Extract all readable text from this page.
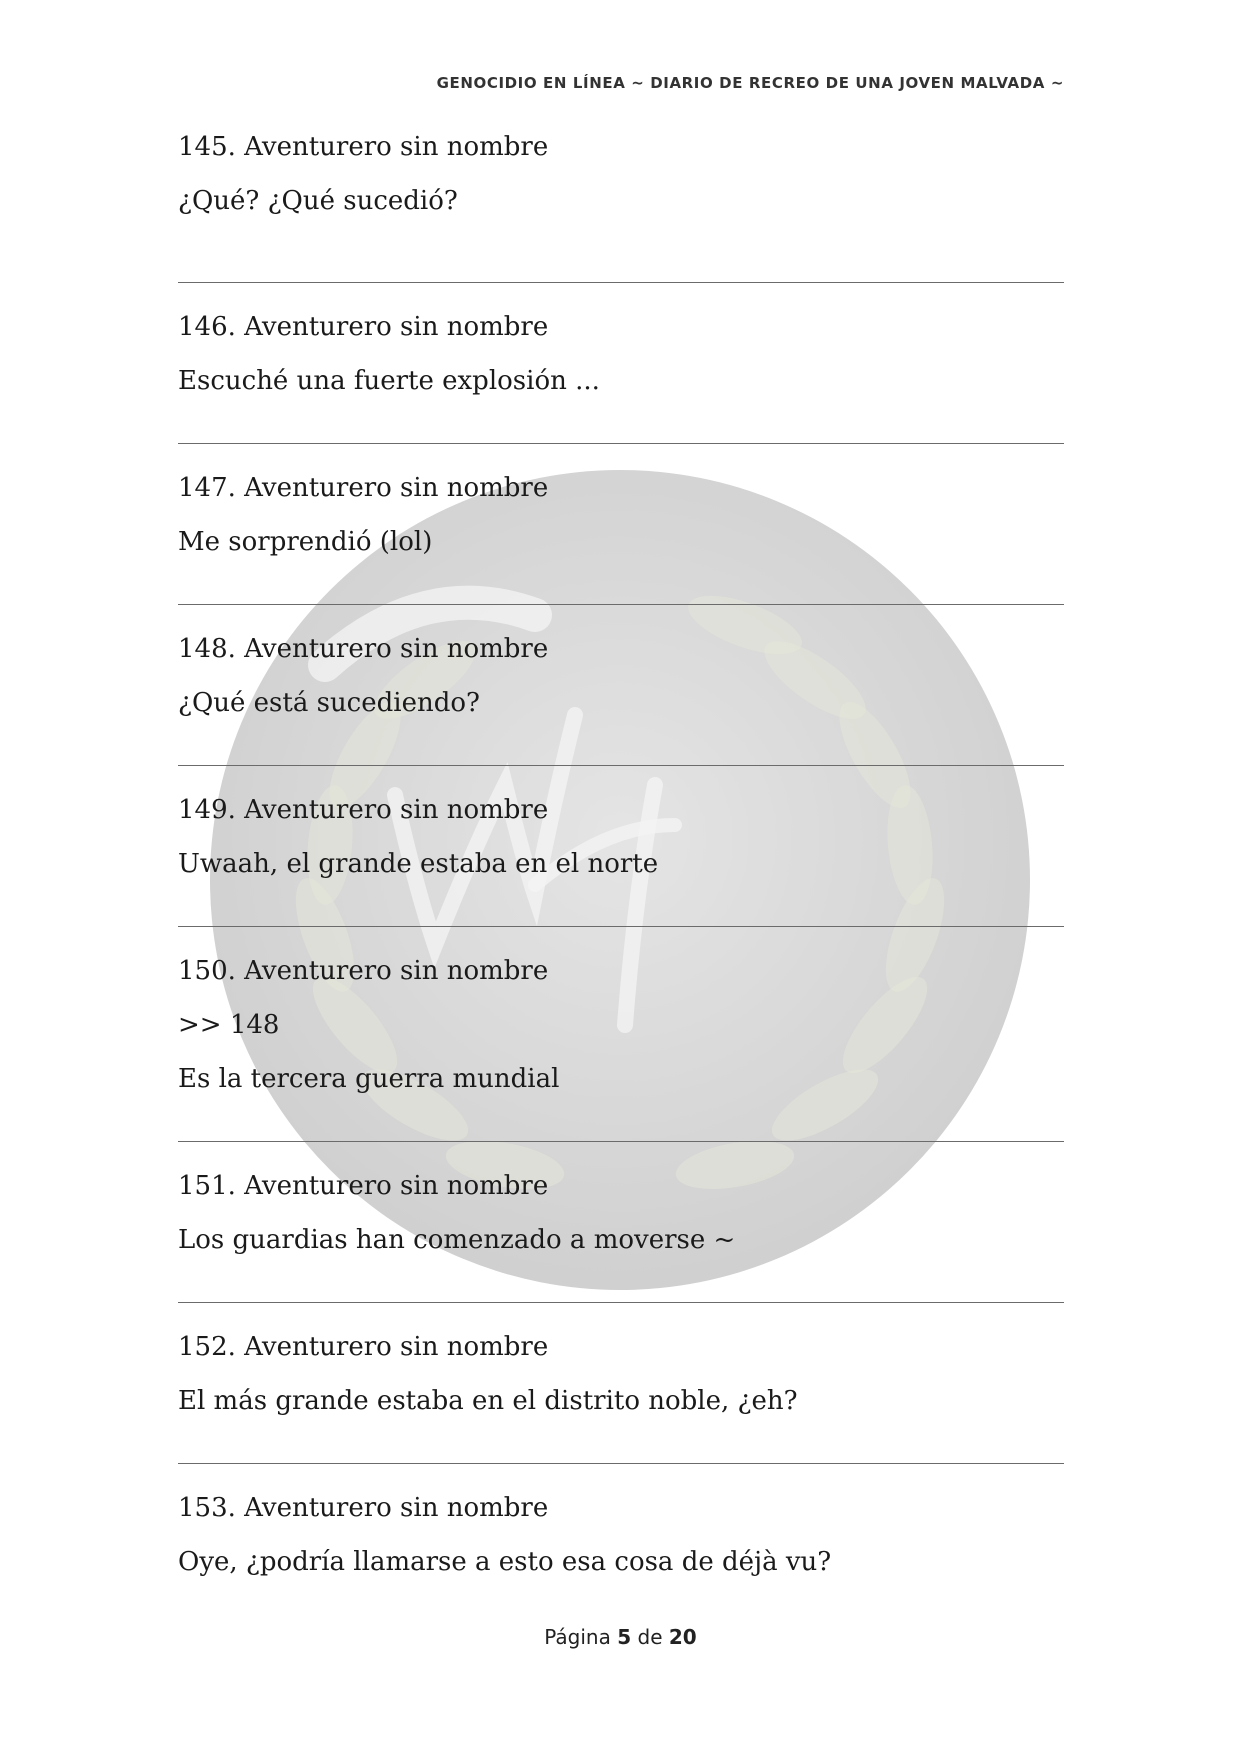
GENOCIDIO EN LÍNEA ~ DIARIO DE RECREO DE UNA JOVEN MALVADA ~
145. Aventurero sin nombre
¿Qué? ¿Qué sucedió?
146. Aventurero sin nombre
Escuché una fuerte explosión ...
147. Aventurero sin nombre
Me sorprendió (lol)
148. Aventurero sin nombre
¿Qué está sucediendo?
149. Aventurero sin nombre
Uwaah, el grande estaba en el norte
150. Aventurero sin nombre
>> 148
Es la tercera guerra mundial
151. Aventurero sin nombre
Los guardias han comenzado a moverse ~
152. Aventurero sin nombre
El más grande estaba en el distrito noble, ¿eh?
153. Aventurero sin nombre
Oye, ¿podría llamarse a esto esa cosa de déjà vu?
Página 5 de 20
